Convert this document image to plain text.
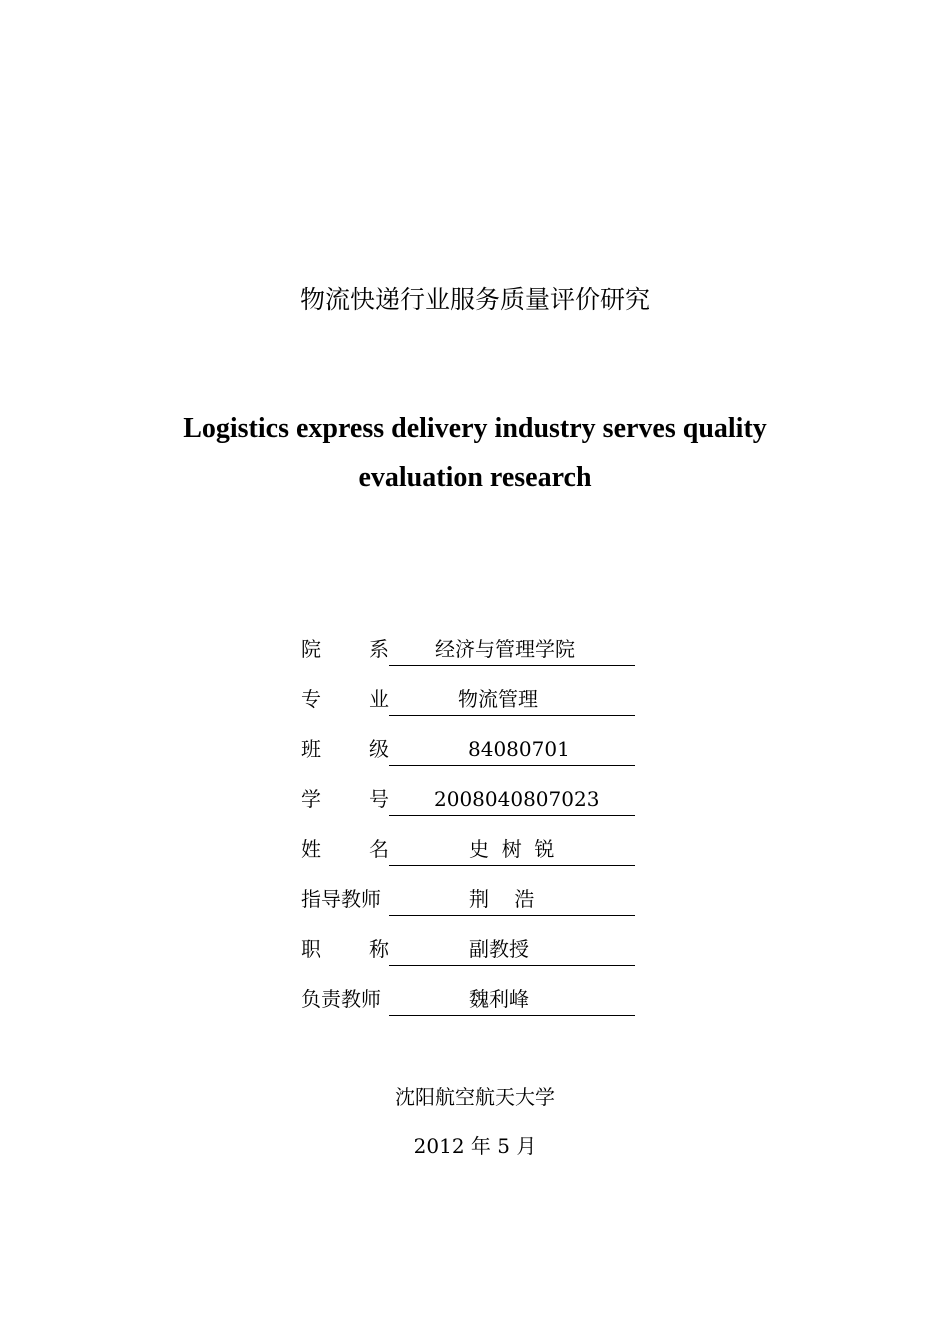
物流快递行业服务质量评价研究
Logistics express delivery industry serves quality
evaluation research
院 系 经济与管理学院
专 业	物流管理
班 级	84080701
学 号 2008040807023
姓 名	史  树  锐
指导教师	荆    浩
职 称	副教授
负责教师	魏利峰
沈阳航空航天大学
2012 年 5 月
